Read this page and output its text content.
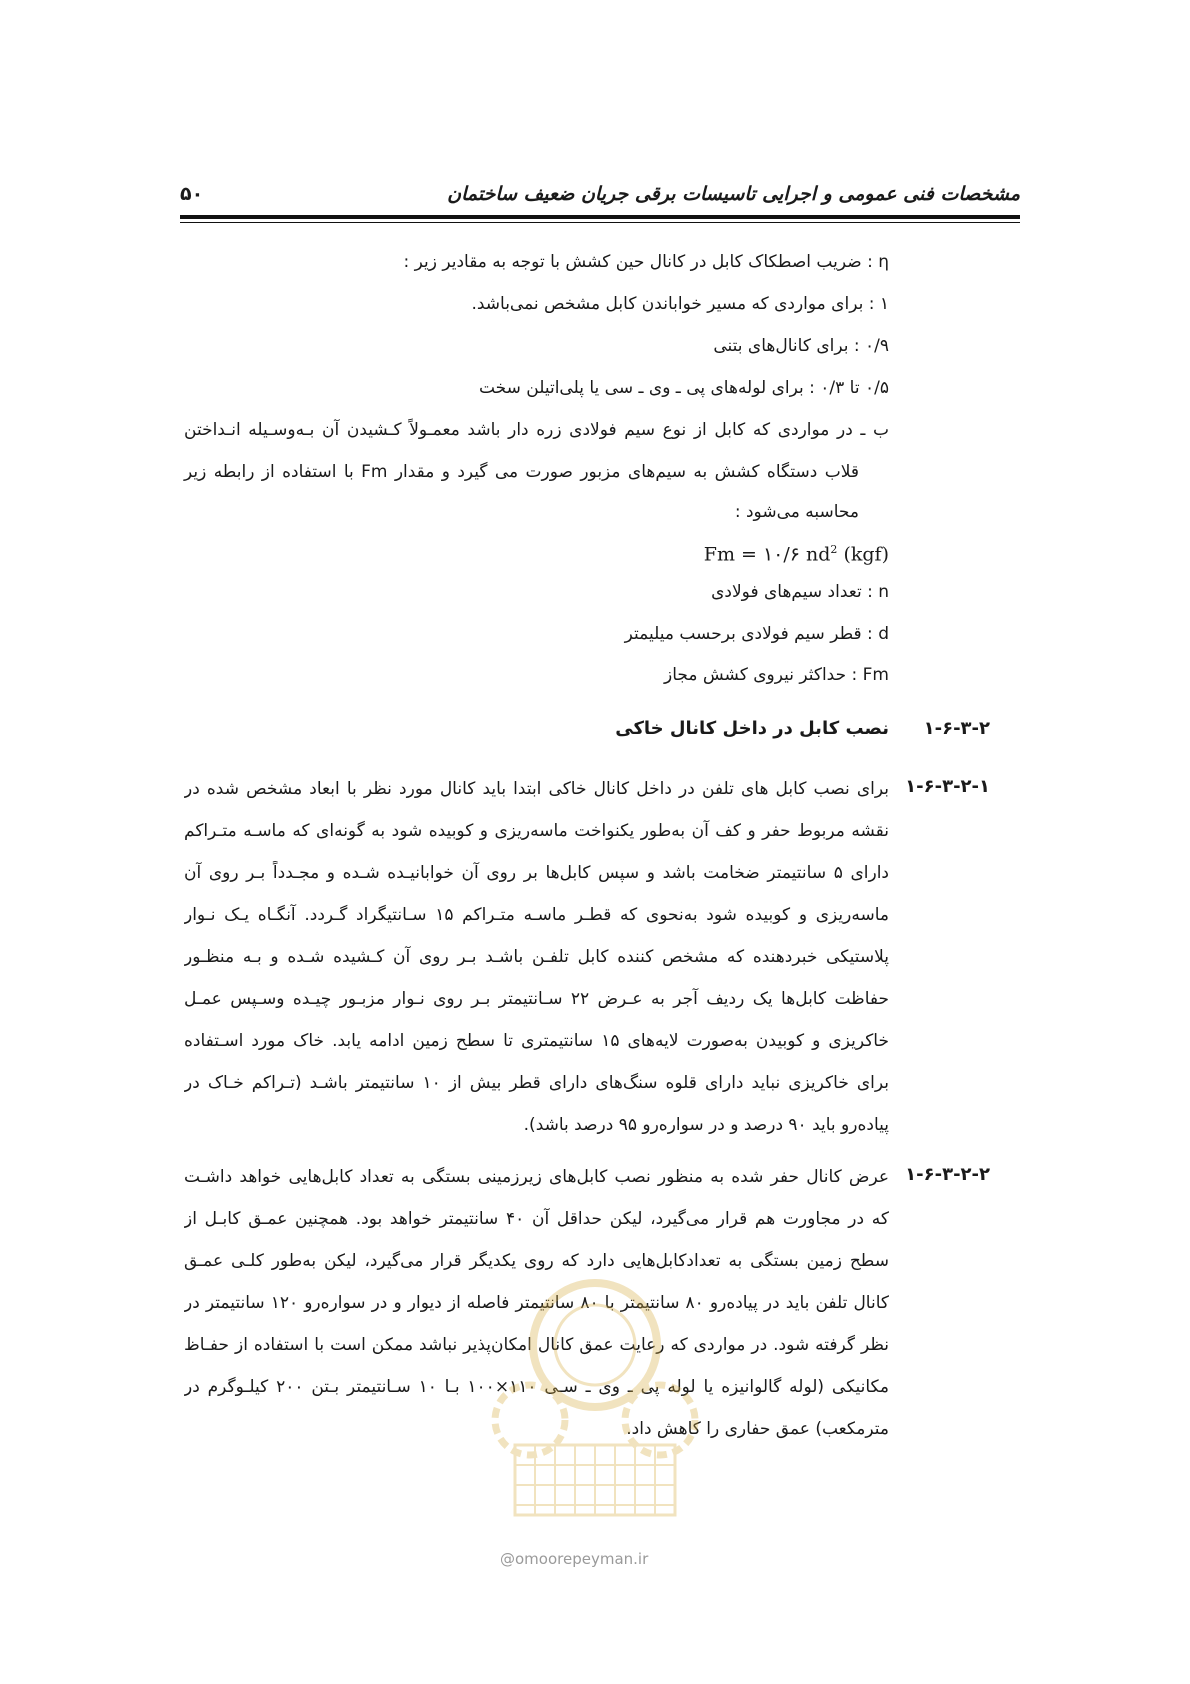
۵۰	مشخصات فنی عمومی و اجرایی تاسیسات برقی جریان ضعیف ساختمان
η : ضریب اصطکاک کابل در کانال حین کشش با توجه به مقادیر زیر :
۱ : برای مواردی که مسیر خواباندن کابل مشخص نمی‌باشد.
۰/۹ : برای کانال‌های بتنی
۰/۵ تا ۰/۳ : برای لوله‌های پی ـ وی ـ سی یا پلی‌اتیلن سخت
ب ـ در مواردی که کابل از نوع سیم فولادی زره دار باشد معمـولاً کـشیدن آن بـه‌وسـیله انـداختن
قلاب دستگاه کشش به سیم‌های مزبور صورت می گیرد و مقدار Fm با استفاده از رابطه زیر
محاسبه می‌شود :
Fm = ۱۰/۶ $nd^2$ (kgf)
n : تعداد سیم‌های فولادی
d : قطر سیم فولادی برحسب میلیمتر
Fm : حداکثر نیروی کشش مجاز
۱-۶-۳-۲
نصب کابل در داخل کانال خاکی
۱-۶-۳-۲-۱
برای نصب کابل های تلفن در داخل کانال خاکی ابتدا باید کانال مورد نظر با ابعاد مشخص شده در
نقشه مربوط حفر و کف آن به‌طور یکنواخت ماسه‌ریزی و کوبیده شود به گونه‌ای که ماسـه متـراکم
دارای ۵ سانتیمتر ضخامت باشد و سپس کابل‌ها بر روی آن خوابانیـده شـده و مجـدداً بـر روی آن
ماسه‌ریزی و کوبیده شود به‌نحوی که قطـر ماسـه متـراکم ۱۵ سـانتیگراد گـردد. آنگـاه یـک نـوار
پلاستیکی خبردهنده که مشخص کننده کابل تلفـن باشـد بـر روی آن کـشیده شـده و بـه منظـور
حفاظت کابل‌ها یک ردیف آجر به عـرض ۲۲ سـانتیمتر بـر روی نـوار مزبـور چیـده وسـپس عمـل
خاکریزی و کوبیدن به‌صورت لایه‌های ۱۵ سانتیمتری تا سطح زمین ادامه یابد. خاک مورد اسـتفاده
برای خاکریزی نباید دارای قلوه سنگ‌های دارای قطر بیش از ۱۰ سانتیمتر باشـد (تـراکم خـاک در
پیاده‌رو باید ۹۰ درصد و در سواره‌رو ۹۵ درصد باشد).
۱-۶-۳-۲-۲
عرض کانال حفر شده به منظور نصب کابل‌های زیرزمینی بستگی به تعداد کابل‌هایی خواهد داشـت
که در مجاورت هم قرار می‌گیرد، لیکن حداقل آن ۴۰ سانتیمتر خواهد بود. همچنین عمـق کابـل از
سطح زمین بستگی به تعدادکابل‌هایی دارد که روی یکدیگر قرار می‌گیرد، لیکن به‌طور کلـی عمـق
کانال تلفن باید در پیاده‌رو ۸۰ سانتیمتر با ۸۰ سانتیمتر فاصله از دیوار و در سواره‌رو ۱۲۰ سانتیمتر در
نظر گرفته شود. در مواردی که رعایت عمق کانال امکان‌پذیر نباشد ممکن است با استفاده از حفـاظ
مکانیکی (لوله گالوانیزه یا لوله پی ـ وی ـ سـی ۱۱۰×۱۰۰ بـا ۱۰ سـانتیمتر بـتن ۲۰۰ کیلـوگرم در
مترمکعب) عمق حفاری را کاهش داد.
@omoorepeyman.ir
